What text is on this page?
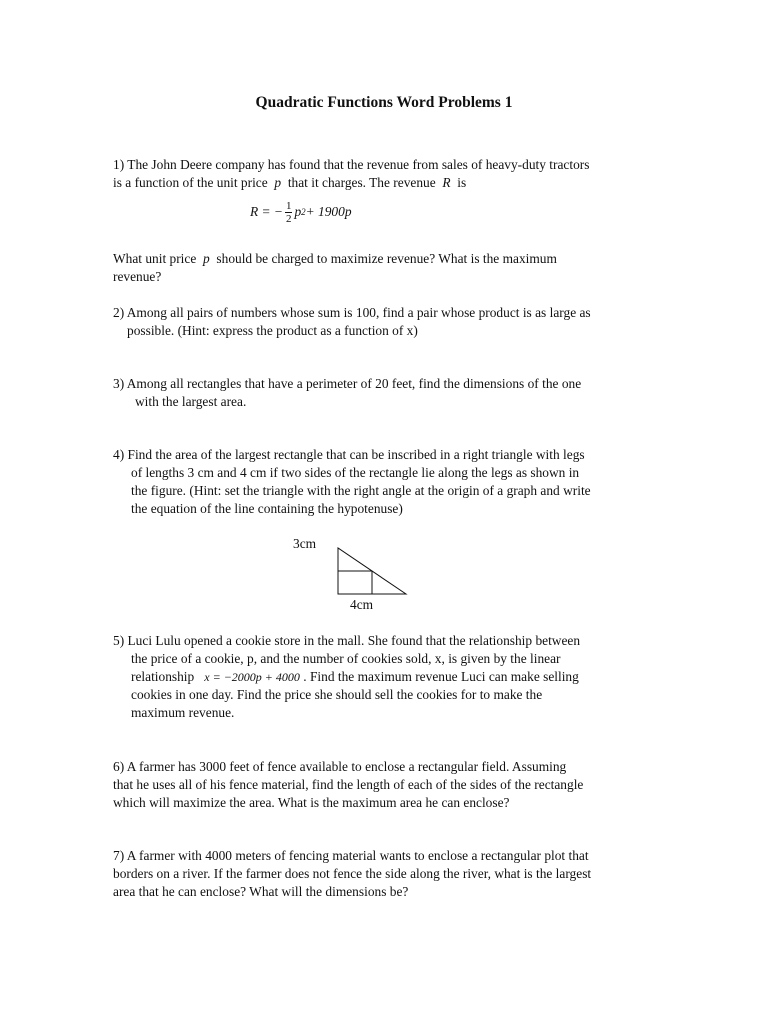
Quadratic Functions Word Problems 1
1) The John Deere company has found that the revenue from sales of heavy-duty tractors
is a function of the unit price p that it charges. The revenue R is
R = − $\frac{1}{2}$ p 2 + 1900p
What unit price p should be charged to maximize revenue? What is the maximum
revenue?
2) Among all pairs of numbers whose sum is 100, find a pair whose product is as large as
possible. (Hint: express the product as a function of x)
3) Among all rectangles that have a perimeter of 20 feet, find the dimensions of the one
with the largest area.
4) Find the area of the largest rectangle that can be inscribed in a right triangle with legs
of lengths 3 cm and 4 cm if two sides of the rectangle lie along the legs as shown in
the figure. (Hint: set the triangle with the right angle at the origin of a graph and write
the equation of the line containing the hypotenuse)
3cm
4cm
5) Luci Lulu opened a cookie store in the mall. She found that the relationship between
the price of a cookie, p, and the number of cookies sold, x, is given by the linear
relationship x = −2000p + 4000 . Find the maximum revenue Luci can make selling
cookies in one day. Find the price she should sell the cookies for to make the
maximum revenue.
6) A farmer has 3000 feet of fence available to enclose a rectangular field. Assuming
that he uses all of his fence material, find the length of each of the sides of the rectangle
which will maximize the area. What is the maximum area he can enclose?
7) A farmer with 4000 meters of fencing material wants to enclose a rectangular plot that
borders on a river. If the farmer does not fence the side along the river, what is the largest
area that he can enclose? What will the dimensions be?
